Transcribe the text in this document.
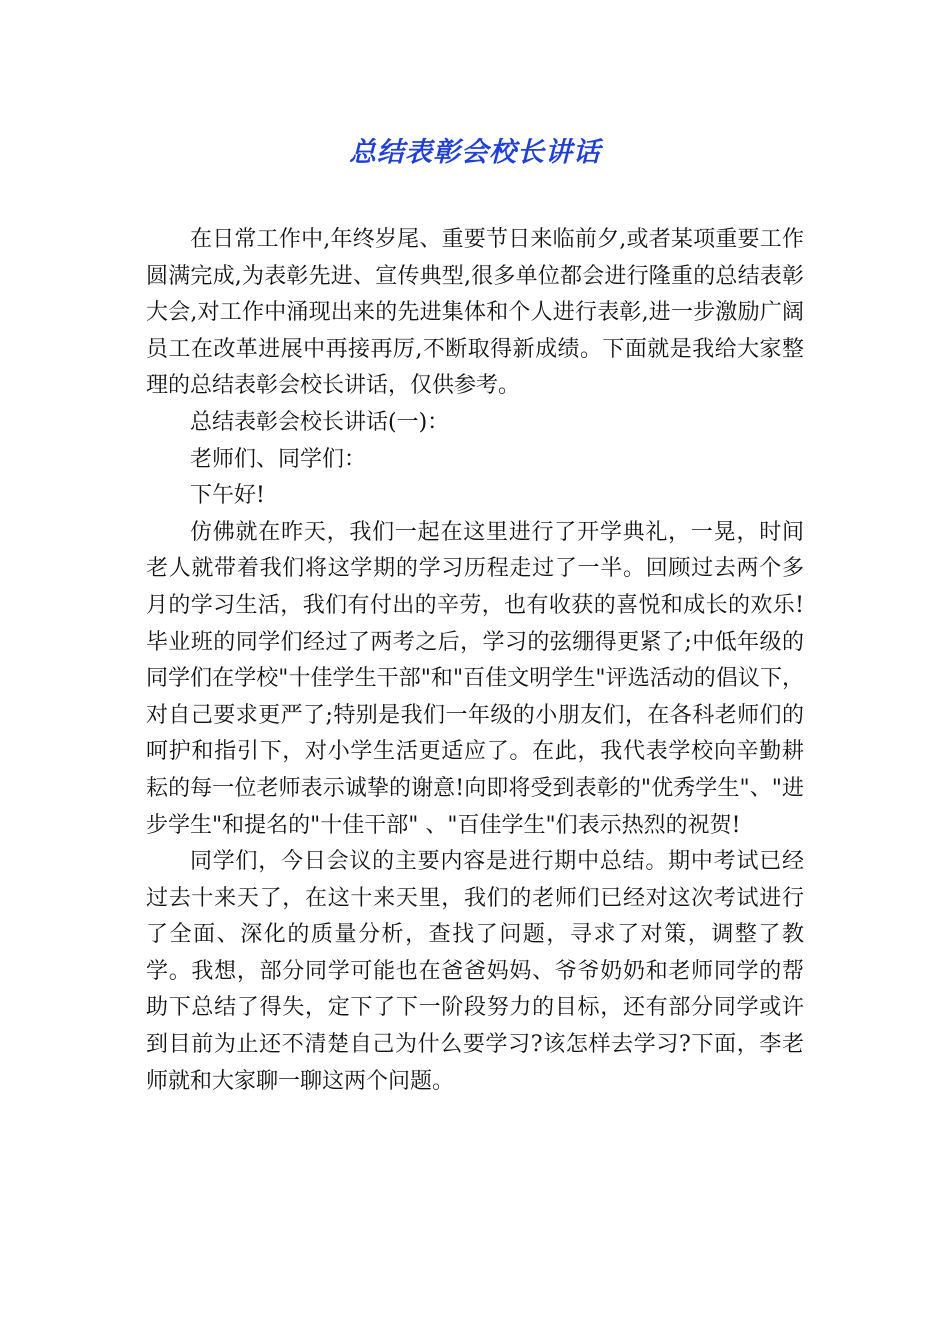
总结表彰会校长讲话

在日常工作中,年终岁尾、重要节日来临前夕,或者某项重要工作圆满完成,为表彰先进、宣传典型,很多单位都会进行隆重的总结表彰大会,对工作中涌现出来的先进集体和个人进行表彰,进一步激励广阔员工在改革进展中再接再厉,不断取得新成绩。下面就是我给大家整理的总结表彰会校长讲话，仅供参考。

总结表彰会校长讲话(一)：

老师们、同学们：

下午好!

仿佛就在昨天，我们一起在这里进行了开学典礼，一晃，时间老人就带着我们将这学期的学习历程走过了一半。回顾过去两个多月的学习生活，我们有付出的辛劳，也有收获的喜悦和成长的欢乐!毕业班的同学们经过了两考之后，学习的弦绷得更紧了;中低年级的同学们在学校"十佳学生干部"和"百佳文明学生"评选活动的倡议下，对自己要求更严了;特别是我们一年级的小朋友们，在各科老师们的呵护和指引下，对小学生活更适应了。在此，我代表学校向辛勤耕耘的每一位老师表示诚挚的谢意!向即将受到表彰的"优秀学生"、"进步学生"和提名的"十佳干部" 、"百佳学生"们表示热烈的祝贺!

同学们，今日会议的主要内容是进行期中总结。期中考试已经过去十来天了，在这十来天里，我们的老师们已经对这次考试进行了全面、深化的质量分析，查找了问题，寻求了对策，调整了教学。我想，部分同学可能也在爸爸妈妈、爷爷奶奶和老师同学的帮助下总结了得失，定下了下一阶段努力的目标，还有部分同学或许到目前为止还不清楚自己为什么要学习?该怎样去学习?下面，李老师就和大家聊一聊这两个问题。
